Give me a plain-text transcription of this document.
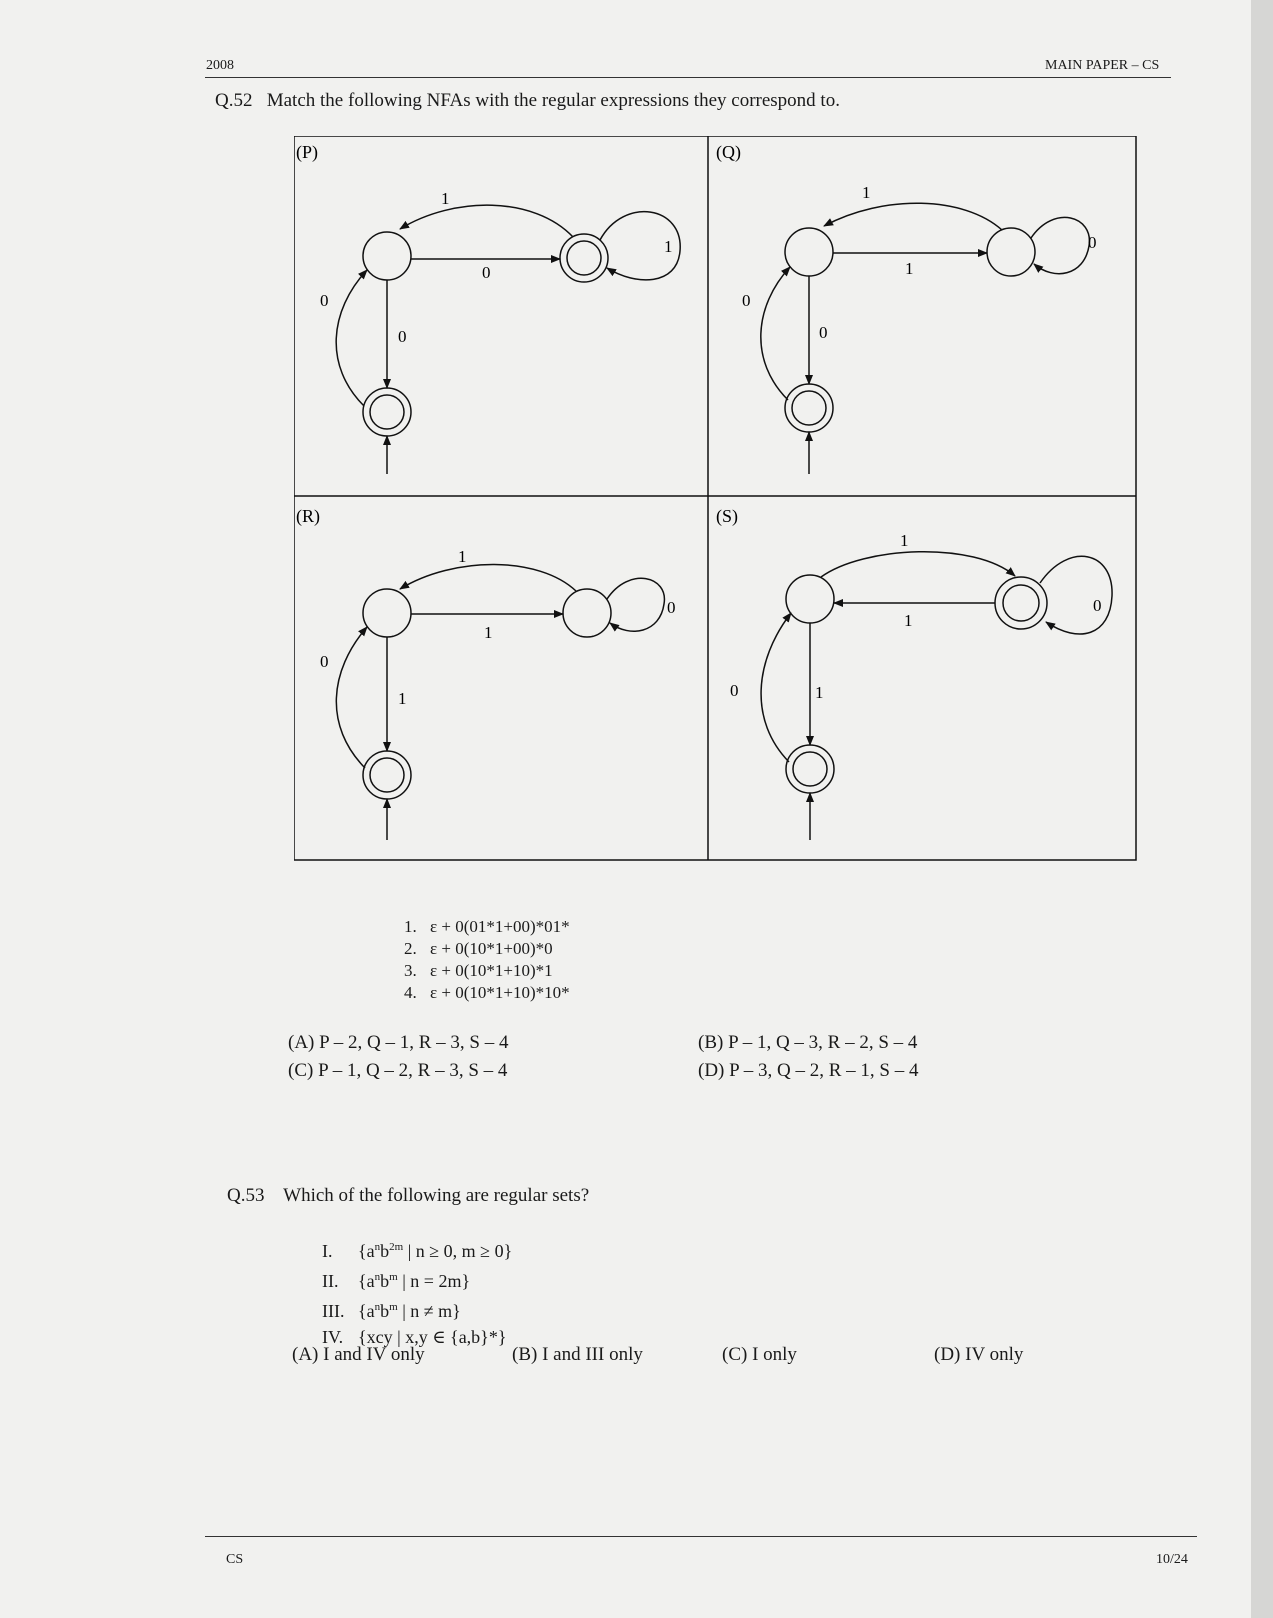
2008	MAIN PAPER – CS
Q.52 Match the following NFAs with the regular expressions they correspond to.
(P)
1
0
1
0
0
(Q)
1
1
0
0
0
(R)
1
1
0
1
0
(S)
1
1
0
1
0
1. ε + 0(01*1+00)*01*
2. ε + 0(10*1+00)*0
3. ε + 0(10*1+10)*1
4. ε + 0(10*1+10)*10*
(A) P – 2, Q – 1, R – 3, S – 4	(B) P – 1, Q – 3, R – 2, S – 4
(C) P – 1, Q – 2, R – 3, S – 4	(D) P – 3, Q – 2, R – 1, S – 4
Q.53 Which of the following are regular sets?
I. {$a^nb^{2m}$ | n ≥ 0, m ≥ 0}
II. {$a^nb^m$ | n = 2m}
III. {$a^nb^m$ | n ≠ m}
IV. {xcy | x,y ∈ {a,b}*}
(A) I and IV only	(B) I and III only	(C) I only	(D) IV only
CS	10/24
